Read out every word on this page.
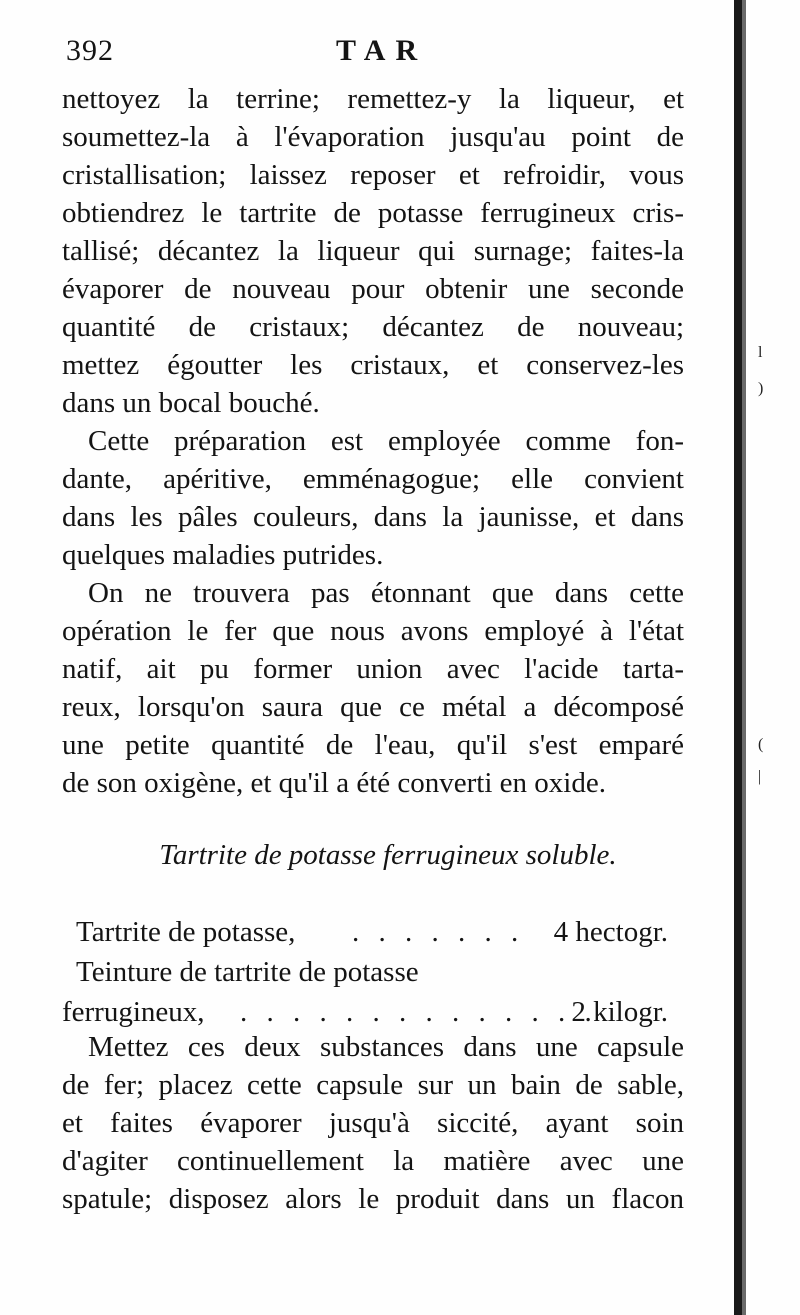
392	TAR
nettoyez la terrine; remettez-y la liqueur, et
soumettez-la à l'évaporation jusqu'au point de
cristallisation; laissez reposer et refroidir, vous
obtiendrez le tartrite de potasse ferrugineux cris-
tallisé; décantez la liqueur qui surnage; faites-la
évaporer de nouveau pour obtenir une seconde
quantité de cristaux; décantez de nouveau;
mettez égoutter les cristaux, et conservez-les
dans un bocal bouché.
Cette préparation est employée comme fon-
dante, apéritive, emménagogue; elle convient
dans les pâles couleurs, dans la jaunisse, et dans
quelques maladies putrides.
On ne trouvera pas étonnant que dans cette
opération le fer que nous avons employé à l'état
natif, ait pu former union avec l'acide tarta-
reux, lorsqu'on saura que ce métal a décomposé
une petite quantité de l'eau, qu'il s'est emparé
de son oxigène, et qu'il a été converti en oxide.
Tartrite de potasse ferrugineux soluble.
Tartrite de potasse, . . . . . . . 4 hectogr.
Teinture de tartrite de potasse
ferrugineux, . . . . . . . . . . . . . .
2 kilogr.
Mettez ces deux substances dans une capsule
de fer; placez cette capsule sur un bain de sable,
et faites évaporer jusqu'à siccité, ayant soin
d'agiter continuellement la matière avec une
spatule; disposez alors le produit dans un flacon
l
)
(
|
